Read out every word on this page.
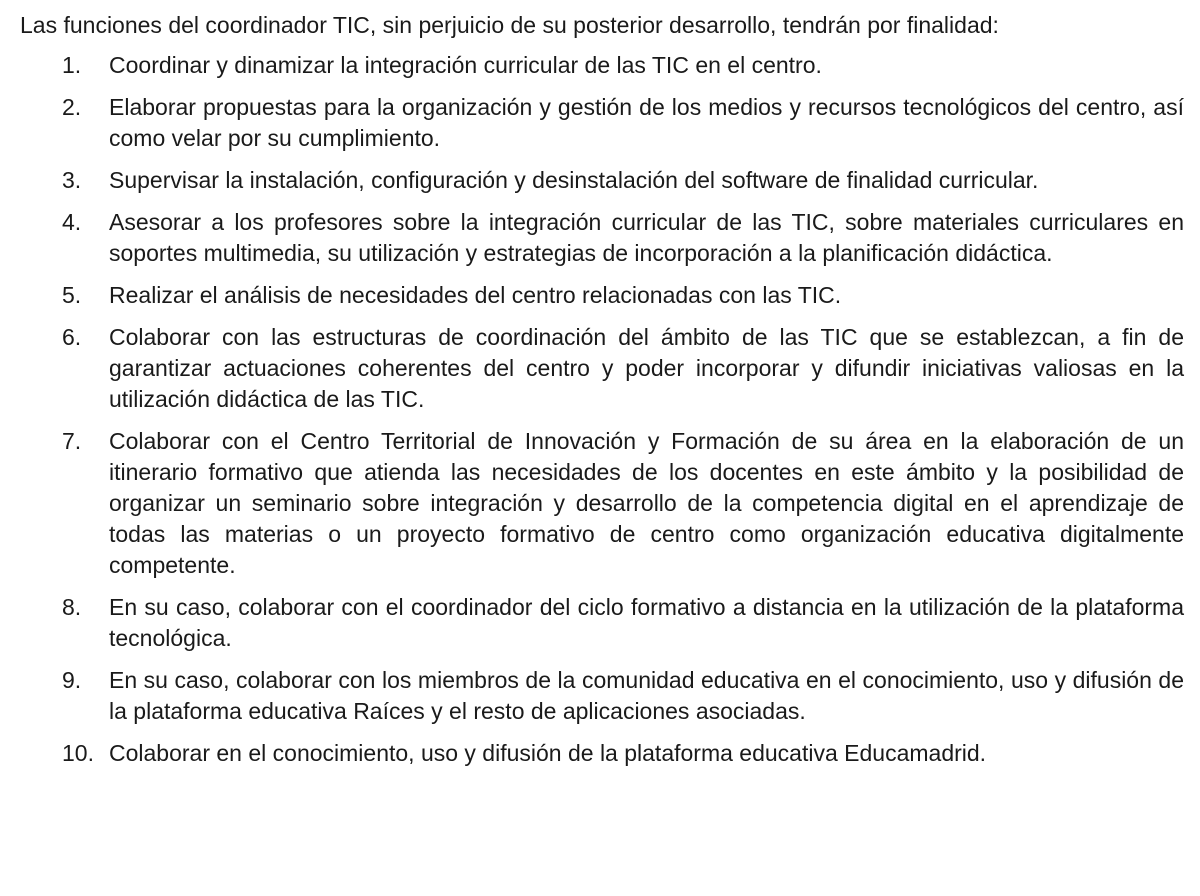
Las funciones del coordinador TIC, sin perjuicio de su posterior desarrollo, tendrán por finalidad:

1. Coordinar y dinamizar la integración curricular de las TIC en el centro.
2. Elaborar propuestas para la organización y gestión de los medios y recursos tecnológicos del centro, así como velar por su cumplimiento.
3. Supervisar la instalación, configuración y desinstalación del software de finalidad curricular.
4. Asesorar a los profesores sobre la integración curricular de las TIC, sobre materiales curriculares en soportes multimedia, su utilización y estrategias de incorporación a la planificación didáctica.
5. Realizar el análisis de necesidades del centro relacionadas con las TIC.
6. Colaborar con las estructuras de coordinación del ámbito de las TIC que se establezcan, a fin de garantizar actuaciones coherentes del centro y poder incorporar y difundir iniciativas valiosas en la utilización didáctica de las TIC.
7. Colaborar con el Centro Territorial de Innovación y Formación de su área en la elaboración de un itinerario formativo que atienda las necesidades de los docentes en este ámbito y la posibilidad de organizar un seminario sobre integración y desarrollo de la competencia digital en el aprendizaje de todas las materias o un proyecto formativo de centro como organización educativa digitalmente competente.
8. En su caso, colaborar con el coordinador del ciclo formativo a distancia en la utilización de la plataforma tecnológica.
9. En su caso, colaborar con los miembros de la comunidad educativa en el conocimiento, uso y difusión de la plataforma educativa Raíces y el resto de aplicaciones asociadas.
10. Colaborar en el conocimiento, uso y difusión de la plataforma educativa Educamadrid.
